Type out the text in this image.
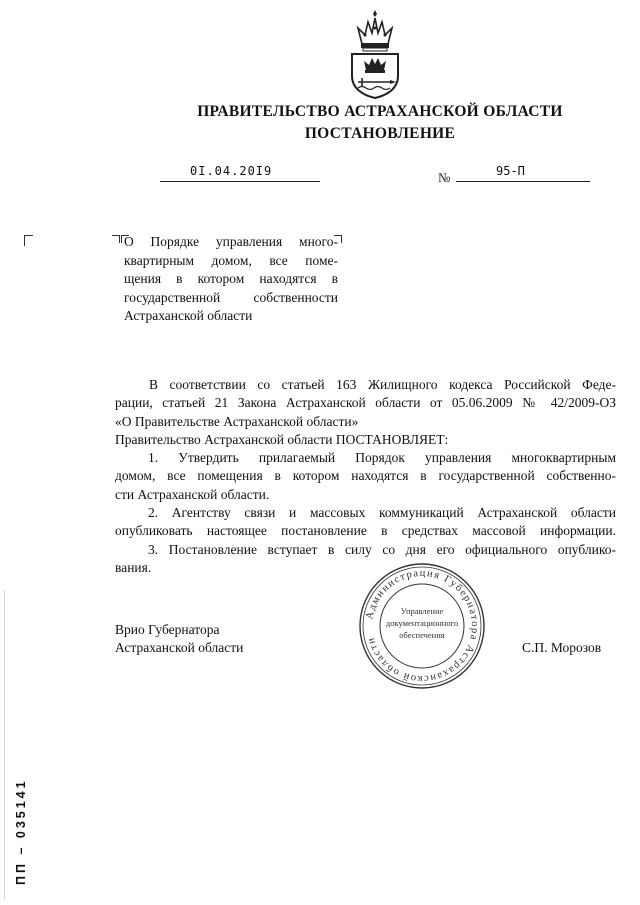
ПРАВИТЕЛЬСТВО АСТРАХАНСКОЙ ОБЛАСТИ
ПОСТАНОВЛЕНИЕ
0I.04.20I9	№	95-П
О Порядке управления много-
квартирным домом, все поме-
щения в котором находятся в
государственной собственности
Астраханской области
В соответствии со статьей 163 Жилищного кодекса Российской Феде-
рации, статьей 21 Закона Астраханской области от 05.06.2009 № 42/2009-ОЗ
«О Правительстве Астраханской области»
Правительство Астраханской области ПОСТАНОВЛЯЕТ:
1. Утвердить прилагаемый Порядок управления многоквартирным
домом, все помещения в котором находятся в государственной собственно-
сти Астраханской области.
2. Агентству связи и массовых коммуникаций Астраханской области
опубликовать настоящее постановление в средствах массовой информации.
3. Постановление вступает в силу со дня его официального опублико-
вания.
Врио Губернатора
Астраханской области	С.П. Морозов
Администрация Губернатора Астраханской области
Управление
документационного
обеспечения
ПП – 035141
